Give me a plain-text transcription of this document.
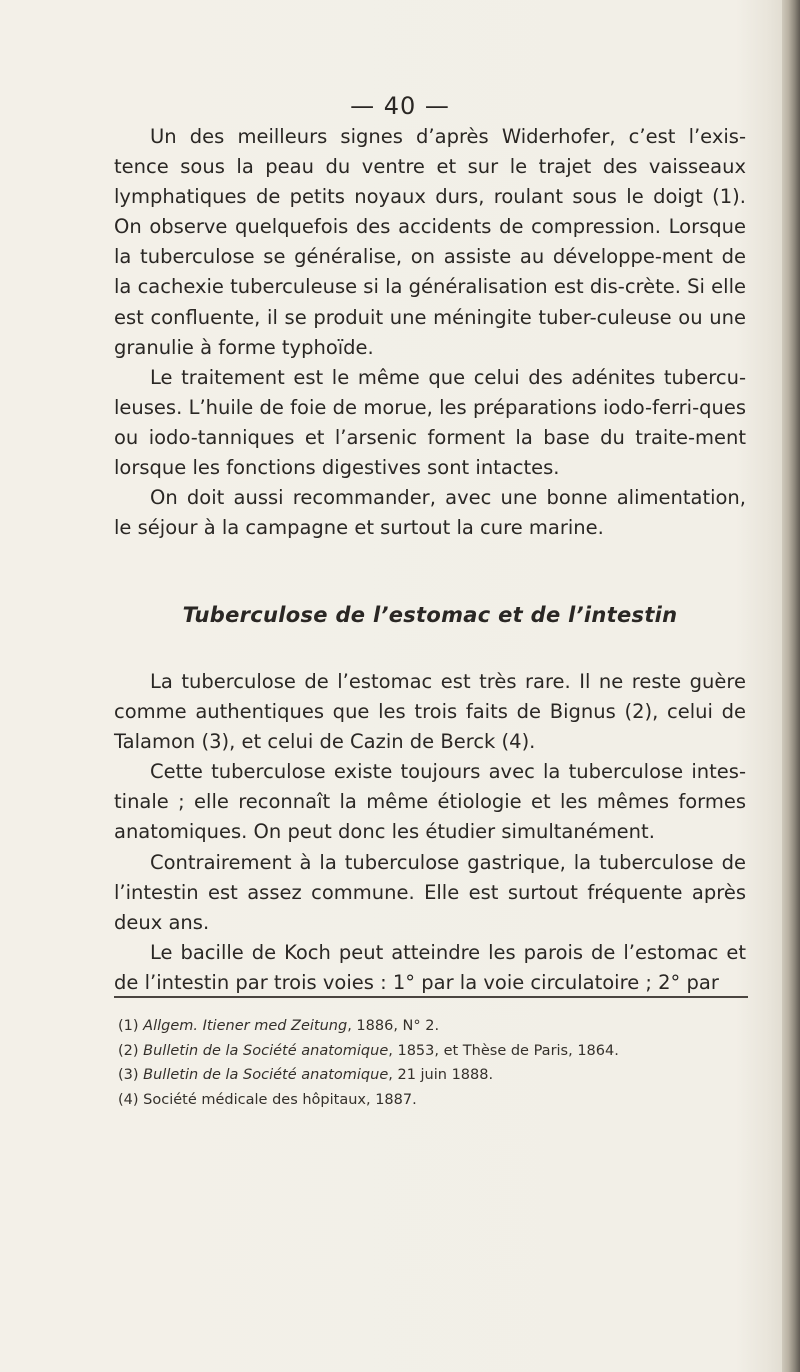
— 40 —

Un des meilleurs signes d’après Widerhofer, c’est l’exis-tence sous la peau du ventre et sur le trajet des vaisseaux lymphatiques de petits noyaux durs, roulant sous le doigt (1). On observe quelquefois des accidents de compression. Lorsque la tuberculose se généralise, on assiste au développe-ment de la cachexie tuberculeuse si la généralisation est dis-crète. Si elle est confluente, il se produit une méningite tuber-culeuse ou une granulie à forme typhoïde.

Le traitement est le même que celui des adénites tubercu-leuses. L’huile de foie de morue, les préparations iodo-ferri-ques ou iodo-tanniques et l’arsenic forment la base du traite-ment lorsque les fonctions digestives sont intactes.

On doit aussi recommander, avec une bonne alimentation, le séjour à la campagne et surtout la cure marine.

Tuberculose de l’estomac et de l’intestin

La tuberculose de l’estomac est très rare. Il ne reste guère comme authentiques que les trois faits de Bignus (2), celui de Talamon (3), et celui de Cazin de Berck (4).

Cette tuberculose existe toujours avec la tuberculose intes-tinale ; elle reconnaît la même étiologie et les mêmes formes anatomiques. On peut donc les étudier simultanément.

Contrairement à la tuberculose gastrique, la tuberculose de l’intestin est assez commune. Elle est surtout fréquente après deux ans.

Le bacille de Koch peut atteindre les parois de l’estomac et de l’intestin par trois voies : 1° par la voie circulatoire ; 2° par

(1) Allgem. Itiener med Zeitung, 1886, N° 2.
(2) Bulletin de la Société anatomique, 1853, et Thèse de Paris, 1864.
(3) Bulletin de la Société anatomique, 21 juin 1888.
(4) Société médicale des hôpitaux, 1887.
